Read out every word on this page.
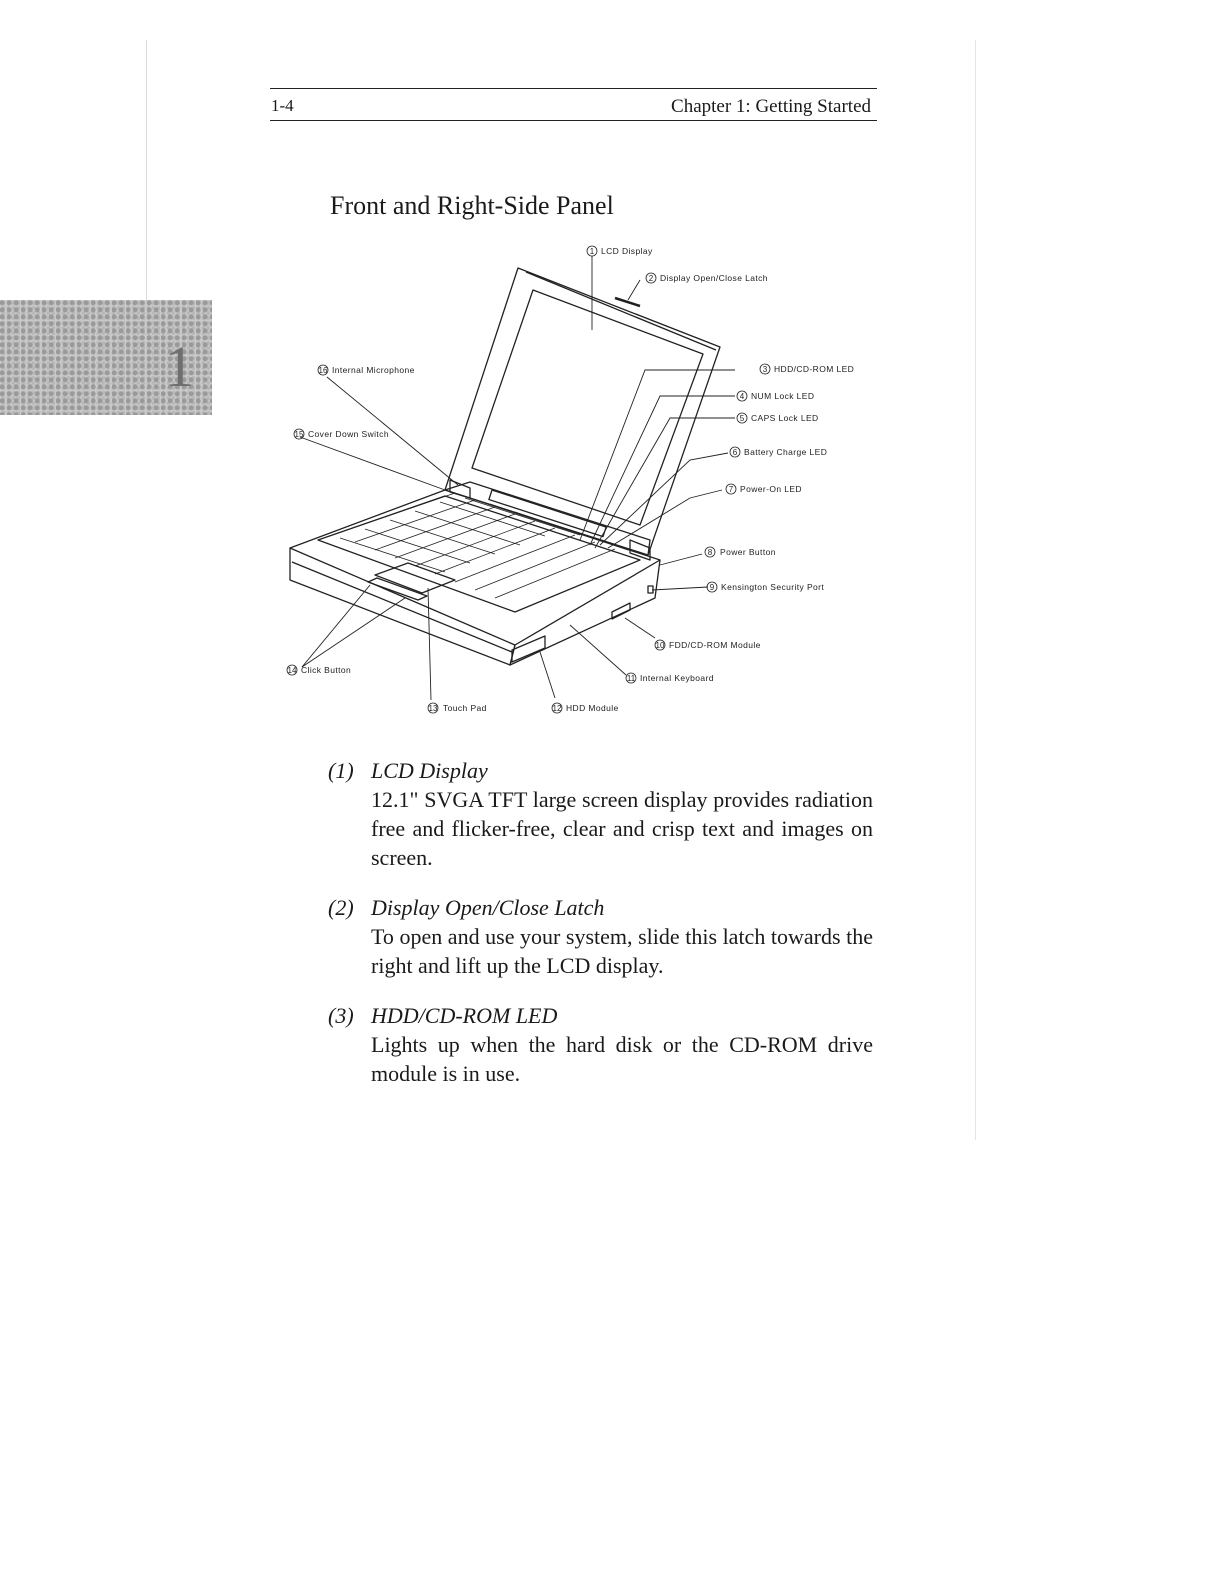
1-4	Chapter 1: Getting Started
1
Front and Right-Side Panel
1 LCD Display
2 Display Open/Close Latch
3 HDD/CD-ROM LED
4 NUM Lock LED
5 CAPS Lock LED
6 Battery Charge LED
7 Power-On LED
8 Power Button
9 Kensington Security Port
10 FDD/CD-ROM Module
11 Internal Keyboard
12 HDD Module
13 Touch Pad
14 Click Button
15 Cover Down Switch
16 Internal Microphone
(1) LCD Display
12.1" SVGA TFT large screen display provides radiation free and flicker-free, clear and crisp text and images on screen.
(2) Display Open/Close Latch
To open and use your system, slide this latch towards the right and lift up the LCD display.
(3) HDD/CD-ROM LED
Lights up when the hard disk or the CD-ROM drive module is in use.
